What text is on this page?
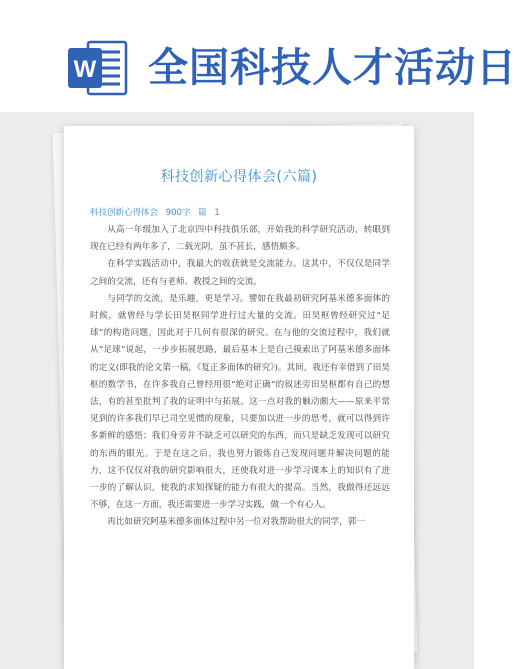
W 全国科技人才活动日
科技创新心得体会(六篇)
科技创新心得体会 900字 篇 1

从高一年级加入了北京四中科技俱乐部，开始我的科学研究活动，转眼到现在已经有两年多了，二载光阴，虽不甚长，感悟颇多。

在科学实践活动中，我最大的收获就是交流能力。这其中，不仅仅是同学之间的交流，还有与老师、教授之间的交流。

与同学的交流，是乐趣，更是学习。譬如在我最初研究阿基米德多面体的时候，就曾经与学长田昊枢同学进行过大量的交流。田昊枢曾经研究过“足球”的构造问题，因此对于几何有很深的研究。在与他的交流过程中，我们就从“足球”说起，一步步拓展思路，最后基本上是自己摸索出了阿基米德多面体的定义(即我的论文第一稿，《复正多面体的研究》)。其间，我还有幸借到了田昊枢的数学书，在许多我自己曾经用很“绝对正确”的叙述旁田昊枢都有自己的想法，有的甚至批判了我的证明中与拓展。这一点对我的触动颇大——原来平常见到的许多我们早已司空见惯的现象，只要加以进一步的思考，就可以得到许多新鲜的感悟；我们身旁并不缺乏可以研究的东西，而只是缺乏发现可以研究的东西的眼光。于是在这之后，我也努力锻炼自己发现问题并解决问题的能力，这不仅仅对我的研究影响很大，还使我对进一步学习课本上的知识有了进一步的了解认识，使我的求知探疑的能力有很大的提高。当然，我做得还远远不够，在这一方面，我还需要进一步学习实践，做一个有心人。

再比如研究阿基米德多面体过程中另一位对我帮助很大的同学，郭一
